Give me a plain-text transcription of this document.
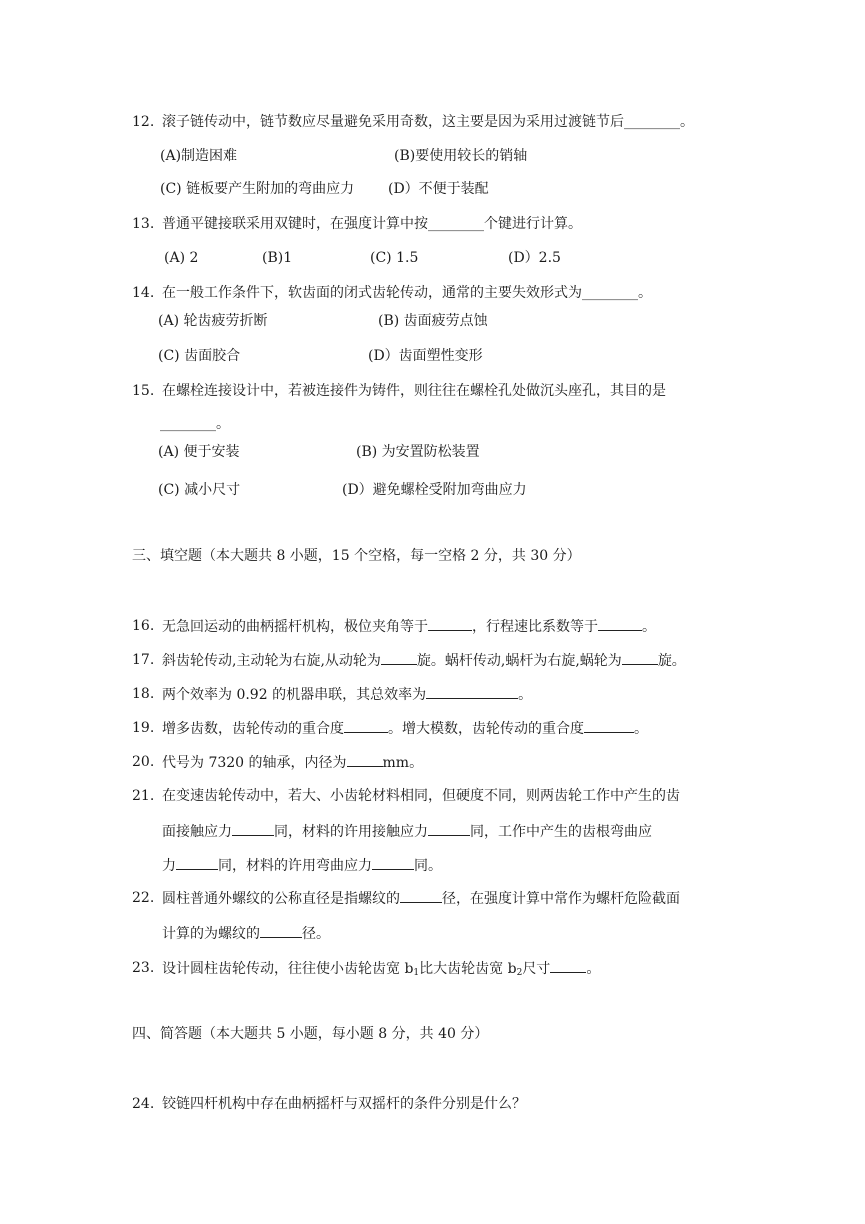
12. 滚子链传动中，链节数应尽量避免采用奇数，这主要是因为采用过渡链节后________。
(A)制造困难	(B)要使用较长的销轴
(C) 链板要产生附加的弯曲应力 (D）不便于装配
13. 普通平键接联采用双键时，在强度计算中按________个键进行计算。
(A) 2	(B)1	(C) 1.5	(D）2.5
14. 在一般工作条件下，软齿面的闭式齿轮传动，通常的主要失效形式为________。
(A) 轮齿疲劳折断	(B) 齿面疲劳点蚀
(C) 齿面胶合	(D）齿面塑性变形
15. 在螺栓连接设计中，若被连接件为铸件，则往往在螺栓孔处做沉头座孔，其目的是
________。
(A) 便于安装	(B) 为安置防松装置
(C) 减小尺寸	(D）避免螺栓受附加弯曲应力
三、填空题（本大题共 8 小题，15 个空格，每一空格 2 分，共 30 分）
16. 无急回运动的曲柄摇杆机构，极位夹角等于	，行程速比系数等于	。
17. 斜齿轮传动,主动轮为右旋,从动轮为	旋。蜗杆传动,蜗杆为右旋,蜗轮为	旋。
18. 两个效率为 0.92 的机器串联，其总效率为	。
19. 增多齿数，齿轮传动的重合度	。增大模数，齿轮传动的重合度	。
20. 代号为 7320 的轴承，内径为	mm。
21. 在变速齿轮传动中，若大、小齿轮材料相同，但硬度不同，则两齿轮工作中产生的齿
面接触应力	同，材料的许用接触应力	同，工作中产生的齿根弯曲应
力	同，材料的许用弯曲应力	同。
22. 圆柱普通外螺纹的公称直径是指螺纹的	径，在强度计算中常作为螺杆危险截面
计算的为螺纹的	径。
23. 设计圆柱齿轮传动，往往使小齿轮齿宽 $b_1$比大齿轮齿宽 $b_2$尺寸	。
四、简答题（本大题共 5 小题，每小题 8 分，共 40 分）
24. 铰链四杆机构中存在曲柄摇杆与双摇杆的条件分别是什么？
